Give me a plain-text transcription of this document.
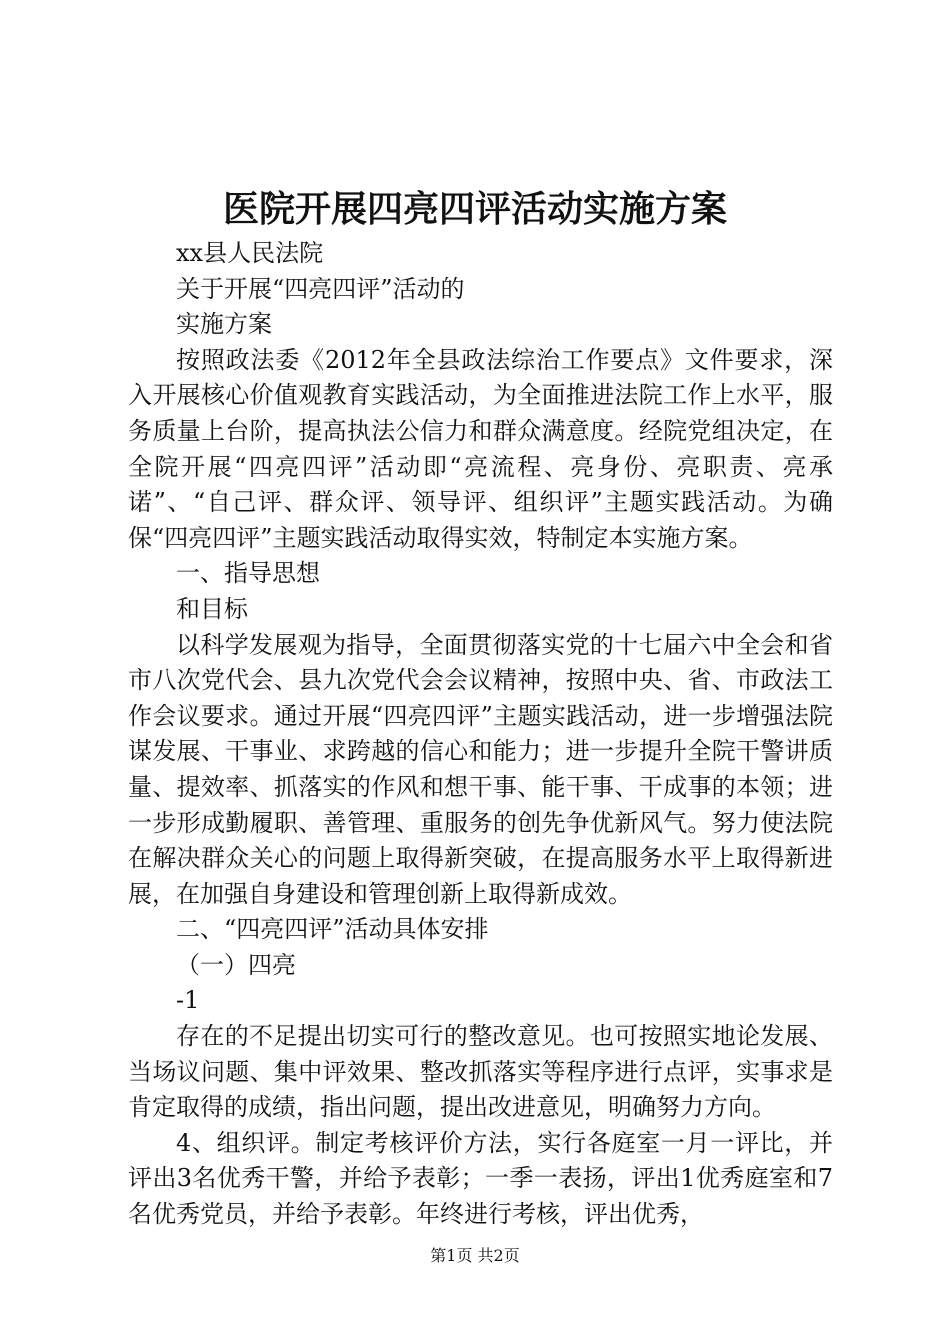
医院开展四亮四评活动实施方案

xx县人民法院

关于开展“四亮四评”活动的

实施方案

按照政法委《2012年全县政法综治工作要点》文件要求，深入开展核心价值观教育实践活动，为全面推进法院工作上水平，服务质量上台阶，提高执法公信力和群众满意度。经院党组决定，在全院开展“四亮四评”活动即“亮流程、亮身份、亮职责、亮承诺”、“自己评、群众评、领导评、组织评”主题实践活动。为确保“四亮四评”主题实践活动取得实效，特制定本实施方案。

一、指导思想

和目标

以科学发展观为指导，全面贯彻落实党的十七届六中全会和省市八次党代会、县九次党代会会议精神，按照中央、省、市政法工作会议要求。通过开展“四亮四评”主题实践活动，进一步增强法院谋发展、干事业、求跨越的信心和能力；进一步提升全院干警讲质量、提效率、抓落实的作风和想干事、能干事、干成事的本领；进一步形成勤履职、善管理、重服务的创先争优新风气。努力使法院在解决群众关心的问题上取得新突破，在提高服务水平上取得新进展，在加强自身建设和管理创新上取得新成效。

二、“四亮四评”活动具体安排

（一）四亮

-1

存在的不足提出切实可行的整改意见。也可按照实地论发展、当场议问题、集中评效果、整改抓落实等程序进行点评，实事求是肯定取得的成绩，指出问题，提出改进意见，明确努力方向。

4、组织评。制定考核评价方法，实行各庭室一月一评比，并评出3名优秀干警，并给予表彰；一季一表扬，评出1优秀庭室和7名优秀党员，并给予表彰。年终进行考核，评出优秀，

第1页 共2页
